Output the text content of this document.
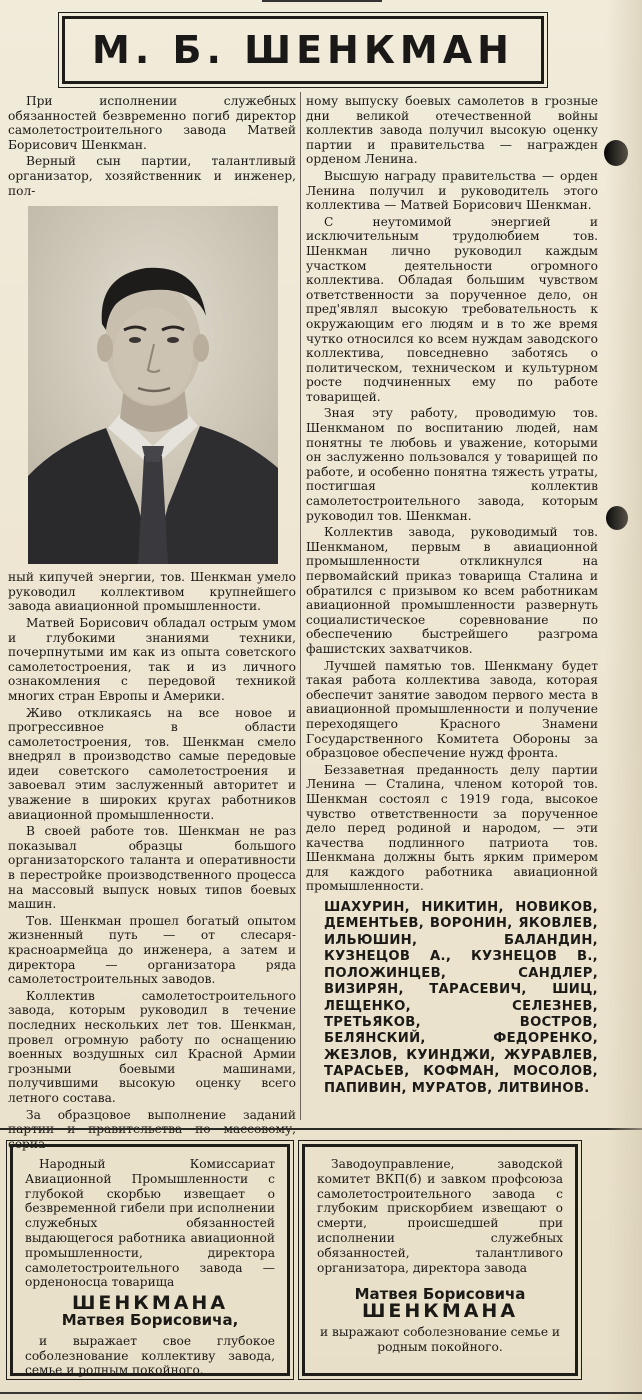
М. Б. ШЕНКМАН

При исполнении служебных обязанностей безвременно погиб директор самолетостроительного завода Матвей Борисович Шенкман.

Верный сын партии, талантливый организатор, хозяйственник и инженер, пол-

ный кипучей энергии, тов. Шенкман умело руководил коллективом крупнейшего завода авиационной промышленности.

Матвей Борисович обладал острым умом и глубокими знаниями техники, почерпнутыми им как из опыта советского самолетостроения, так и из личного ознакомления с передовой техникой многих стран Европы и Америки.

Живо откликаясь на все новое и прогрессивное в области самолетостроения, тов. Шенкман смело внедрял в производство самые передовые идеи советского самолетостроения и завоевал этим заслуженный авторитет и уважение в широких кругах работников авиационной промышленности.

В своей работе тов. Шенкман не раз показывал образцы большого организаторского таланта и оперативности в перестройке производственного процесса на массовый выпуск новых типов боевых машин.

Тов. Шенкман прошел богатый опытом жизненный путь — от слесаря-красноармейца до инженера, а затем и директора — организатора ряда самолетостроительных заводов.

Коллектив самолетостроительного завода, которым руководил в течение последних нескольких лет тов. Шенкман, провел огромную работу по оснащению военных воздушных сил Красной Армии грозными боевыми машинами, получившими высокую оценку всего летного состава.

За образцовое выполнение заданий сериа-

ному выпуску боевых самолетов в грозные дни великой отечественной войны коллектив завода получил высокую оценку партии и правительства — награжден орденом Ленина.

Высшую награду правительства — орден Ленина получил и руководитель этого коллектива — Матвей Борисович Шенкман.

С неутомимой энергией и исключительным трудолюбием тов. Шенкман лично руководил каждым участком деятельности огромного коллектива. Обладая большим чувством ответственности за порученное дело, он пред'являл высокую требовательность к окружающим его людям и в то же время чутко относился ко всем нуждам заводского коллектива, повседневно заботясь о политическом, техническом и культурном росте подчиненных ему по работе товарищей.

Зная эту работу, проводимую тов. Шенкманом по воспитанию людей, нам понятны те любовь и уважение, которыми он заслуженно пользовался у товарищей по работе, и особенно понятна тяжесть утраты, постигшая коллектив самолетостроительного завода, которым руководил тов. Шенкман.

Коллектив завода, руководимый тов. Шенкманом, первым в авиационной промышленности откликнулся на первомайский приказ товарища Сталина и обратился с призывом ко всем работникам авиационной промышленности развернуть социалистическое соревнование по обеспечению быстрейшего разгрома фашистских захватчиков.

Лучшей памятью тов. Шенкману будет такая работа коллектива завода, которая обеспечит занятие заводом первого места в авиационной промышленности и получение переходящего Красного Знамени Государственного Комитета Обороны за образцовое обеспечение нужд фронта.

Беззаветная преданность делу партии Ленина — Сталина, членом которой тов. Шенкман состоял с 1919 года, высокое чувство ответственности за порученное дело перед родиной и народом, — эти качества подлинного патриота тов. Шенкмана должны быть ярким примером для каждого работника авиационной промышленности.

ШАХУРИН, НИКИТИН, НОВИКОВ, ДЕМЕНТЬЕВ, ВОРОНИН, ЯКОВЛЕВ, ИЛЬЮШИН, БАЛАНДИН, КУЗНЕЦОВ А., КУЗНЕЦОВ В., ПОЛОЖИНЦЕВ, САНДЛЕР, ВИЗИРЯН, ТАРАСЕВИЧ, ШИЦ, ЛЕЩЕНКО, СЕЛЕЗНЕВ, ТРЕТЬЯКОВ, ВОСТРОВ, БЕЛЯНСКИЙ, ФЕДОРЕНКО, ЖЕЗЛОВ, КУИНДЖИ, ЖУРАВЛЕВ, ТАРАСЬЕВ, КОФМАН, МОСОЛОВ, ПАПИВИН, МУРАТОВ, ЛИТВИНОВ.

Народный Комиссариат Авиационной Промышленности с глубокой скорбью извещает о безвременной гибели при исполнении служебных обязанностей выдающегося работника авиационной промышленности, директора самолетостроительного завода — орденоносца товарища

ШЕНКМАНА
Матвея Борисовича,

и выражает свое глубокое соболезнование коллективу завода, семье и родным покойного.

Заводоуправление, заводской комитет ВКП(б) и завком профсоюза самолетостроительного завода с глубоким прискорбием извещают о смерти, происшедшей при исполнении служебных обязанностей, талантливого организатора, директора завода

Матвея Борисовича
ШЕНКМАНА

и выражают соболезнование семье и родным покойного.
